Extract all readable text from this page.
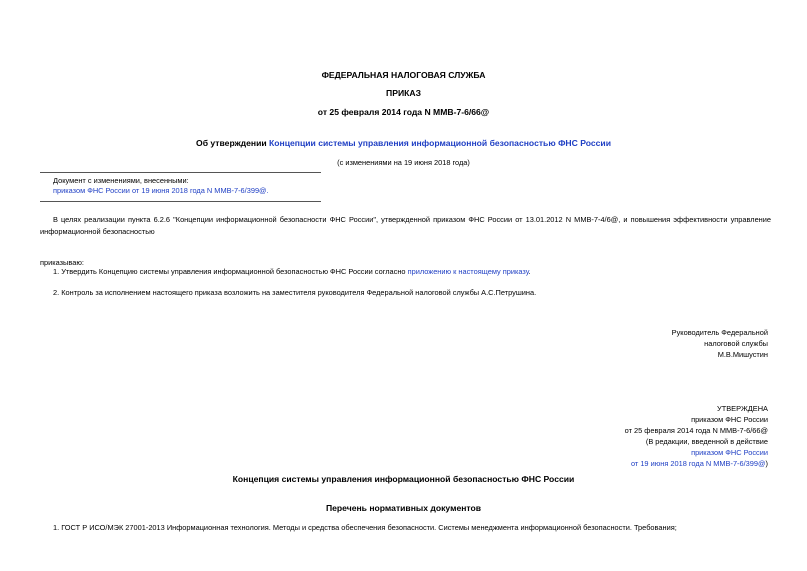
ФЕДЕРАЛЬНАЯ НАЛОГОВАЯ СЛУЖБА
ПРИКАЗ
от 25 февраля 2014 года N ММВ-7-6/66@
Об утверждении Концепции системы управления информационной безопасностью ФНС России
(с изменениями на 19 июня 2018 года)
Документ с изменениями, внесенными:
приказом ФНС России от 19 июня 2018 года N ММВ-7-6/399@.
В целях реализации пункта 6.2.6 "Концепции информационной безопасности ФНС России", утвержденной приказом ФНС России от 13.01.2012 N ММВ-7-4/6@, и повышения эффективности управление информационной безопасностью
приказываю:
1. Утвердить Концепцию системы управления информационной безопасностью ФНС России согласно приложению к настоящему приказу.
2. Контроль за исполнением настоящего приказа возложить на заместителя руководителя Федеральной налоговой службы А.С.Петрушина.
Руководитель Федеральной
налоговой службы
М.В.Мишустин
УТВЕРЖДЕНА
приказом ФНС России
от 25 февраля 2014 года N ММВ-7-6/66@
(В редакции, введенной в действие
приказом ФНС России
от 19 июня 2018 года N ММВ-7-6/399@)
Концепция системы управления информационной безопасностью ФНС России
Перечень нормативных документов
1. ГОСТ Р ИСО/МЭК 27001-2013 Информационная технология. Методы и средства обеспечения безопасности. Системы менеджмента информационной безопасности. Требования;
